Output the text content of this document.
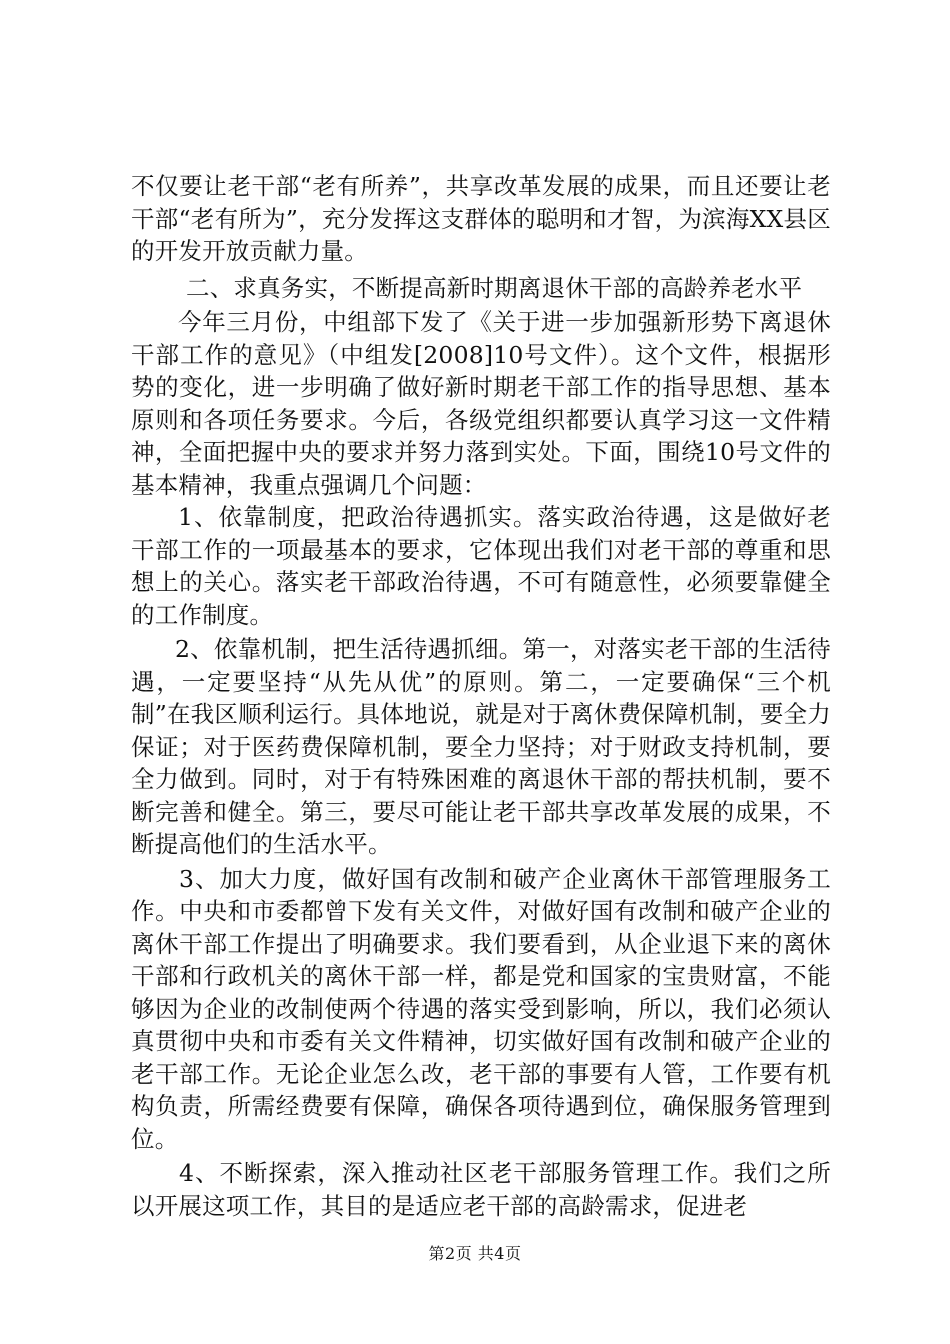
不仅要让老干部“老有所养”，共享改革发展的成果，而且还要让老干部“老有所为”，充分发挥这支群体的聪明和才智，为滨海XX县区的开发开放贡献力量。

二、求真务实，不断提高新时期离退休干部的高龄养老水平

今年三月份，中组部下发了《关于进一步加强新形势下离退休干部工作的意见》（中组发[2008]10号文件）。这个文件，根据形势的变化，进一步明确了做好新时期老干部工作的指导思想、基本原则和各项任务要求。今后，各级党组织都要认真学习这一文件精神，全面把握中央的要求并努力落到实处。下面，围绕10号文件的基本精神，我重点强调几个问题：

1、依靠制度，把政治待遇抓实。落实政治待遇，这是做好老干部工作的一项最基本的要求，它体现出我们对老干部的尊重和思想上的关心。落实老干部政治待遇，不可有随意性，必须要靠健全的工作制度。

2、依靠机制，把生活待遇抓细。第一，对落实老干部的生活待遇，一定要坚持“从先从优”的原则。第二，一定要确保“三个机制”在我区顺利运行。具体地说，就是对于离休费保障机制，要全力保证；对于医药费保障机制，要全力坚持；对于财政支持机制，要全力做到。同时，对于有特殊困难的离退休干部的帮扶机制，要不断完善和健全。第三，要尽可能让老干部共享改革发展的成果，不断提高他们的生活水平。

3、加大力度，做好国有改制和破产企业离休干部管理服务工作。中央和市委都曾下发有关文件，对做好国有改制和破产企业的离休干部工作提出了明确要求。我们要看到，从企业退下来的离休干部和行政机关的离休干部一样，都是党和国家的宝贵财富，不能够因为企业的改制使两个待遇的落实受到影响，所以，我们必须认真贯彻中央和市委有关文件精神，切实做好国有改制和破产企业的老干部工作。无论企业怎么改，老干部的事要有人管，工作要有机构负责，所需经费要有保障，确保各项待遇到位，确保服务管理到位。

4、不断探索，深入推动社区老干部服务管理工作。我们之所以开展这项工作，其目的是适应老干部的高龄需求，促进老

第2页 共4页
